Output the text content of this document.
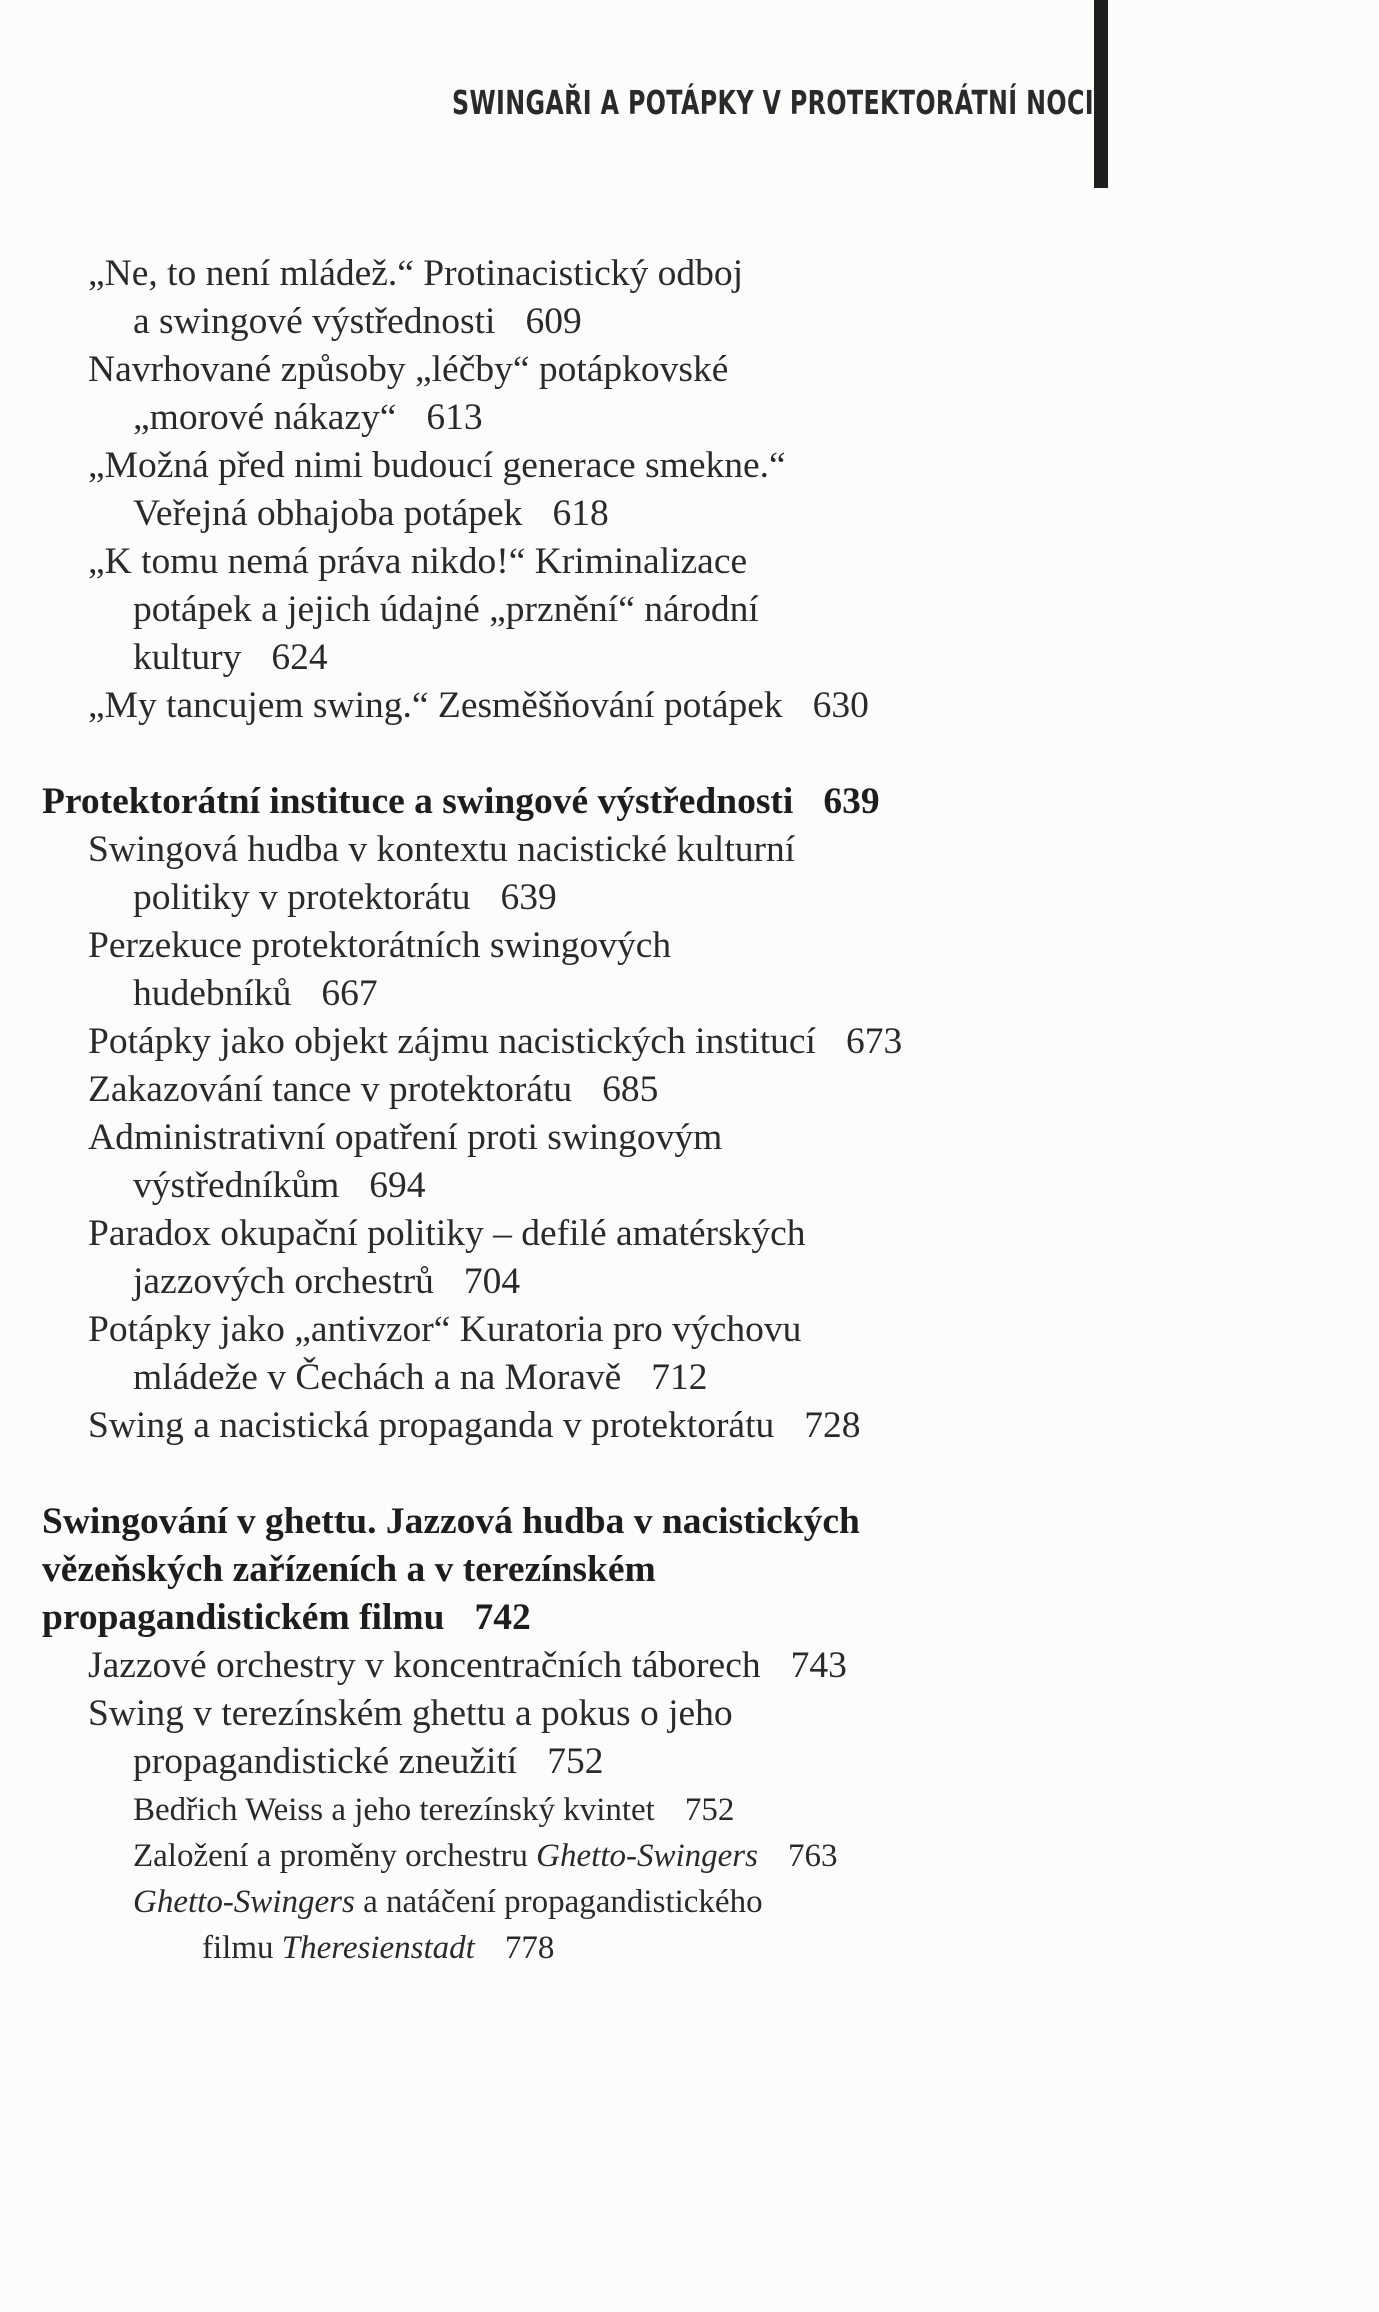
SWINGAŘI A POTÁPKY V PROTEKTORÁTNÍ NOCI
„Ne, to není mládež.“ Protinacistický odboj
a swingové výstřednosti 609
Navrhované způsoby „léčby“ potápkovské
„morové nákazy“ 613
„Možná před nimi budoucí generace smekne.“
Veřejná obhajoba potápek 618
„K tomu nemá práva nikdo!“ Kriminalizace
potápek a jejich údajné „prznění“ národní
kultury 624
„My tancujem swing.“ Zesměšňování potápek 630
Protektorátní instituce a swingové výstřednosti 639
Swingová hudba v kontextu nacistické kulturní
politiky v protektorátu 639
Perzekuce protektorátních swingových
hudebníků 667
Potápky jako objekt zájmu nacistických institucí 673
Zakazování tance v protektorátu 685
Administrativní opatření proti swingovým
výstředníkům 694
Paradox okupační politiky – defilé amatérských
jazzových orchestrů 704
Potápky jako „antivzor“ Kuratoria pro výchovu
mládeže v Čechách a na Moravě 712
Swing a nacistická propaganda v protektorátu 728
Swingování v ghettu. Jazzová hudba v nacistických
vězeňských zařízeních a v terezínském
propagandistickém filmu 742
Jazzové orchestry v koncentračních táborech 743
Swing v terezínském ghettu a pokus o jeho
propagandistické zneužití 752
Bedřich Weiss a jeho terezínský kvintet 752
Založení a proměny orchestru Ghetto-Swingers 763
Ghetto-Swingers a natáčení propagandistického
filmu Theresienstadt 778
